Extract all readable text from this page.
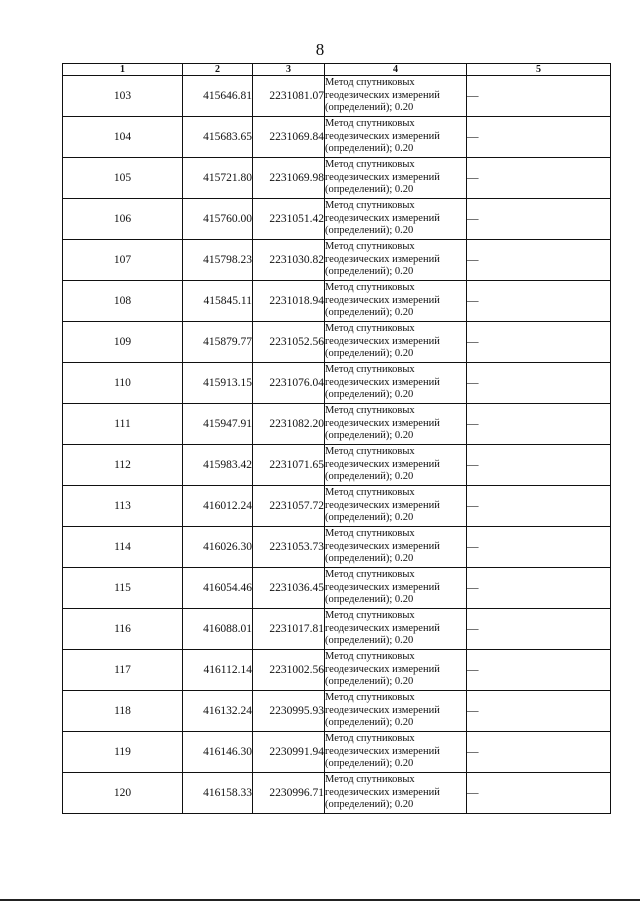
8
1	2	3	4	5
103	415646.81	2231081.07	Метод спутниковых
геодезических измерений
(определений); 0.20	—
104	415683.65	2231069.84	Метод спутниковых
геодезических измерений
(определений); 0.20	—
105	415721.80	2231069.98	Метод спутниковых
геодезических измерений
(определений); 0.20	—
106	415760.00	2231051.42	Метод спутниковых
геодезических измерений
(определений); 0.20	—
107	415798.23	2231030.82	Метод спутниковых
геодезических измерений
(определений); 0.20	—
108	415845.11	2231018.94	Метод спутниковых
геодезических измерений
(определений); 0.20	—
109	415879.77	2231052.56	Метод спутниковых
геодезических измерений
(определений); 0.20	—
110	415913.15	2231076.04	Метод спутниковых
геодезических измерений
(определений); 0.20	—
111	415947.91	2231082.20	Метод спутниковых
геодезических измерений
(определений); 0.20	—
112	415983.42	2231071.65	Метод спутниковых
геодезических измерений
(определений); 0.20	—
113	416012.24	2231057.72	Метод спутниковых
геодезических измерений
(определений); 0.20	—
114	416026.30	2231053.73	Метод спутниковых
геодезических измерений
(определений); 0.20	—
115	416054.46	2231036.45	Метод спутниковых
геодезических измерений
(определений); 0.20	—
116	416088.01	2231017.81	Метод спутниковых
геодезических измерений
(определений); 0.20	—
117	416112.14	2231002.56	Метод спутниковых
геодезических измерений
(определений); 0.20	—
118	416132.24	2230995.93	Метод спутниковых
геодезических измерений
(определений); 0.20	—
119	416146.30	2230991.94	Метод спутниковых
геодезических измерений
(определений); 0.20	—
120	416158.33	2230996.71	Метод спутниковых
геодезических измерений
(определений); 0.20	—
